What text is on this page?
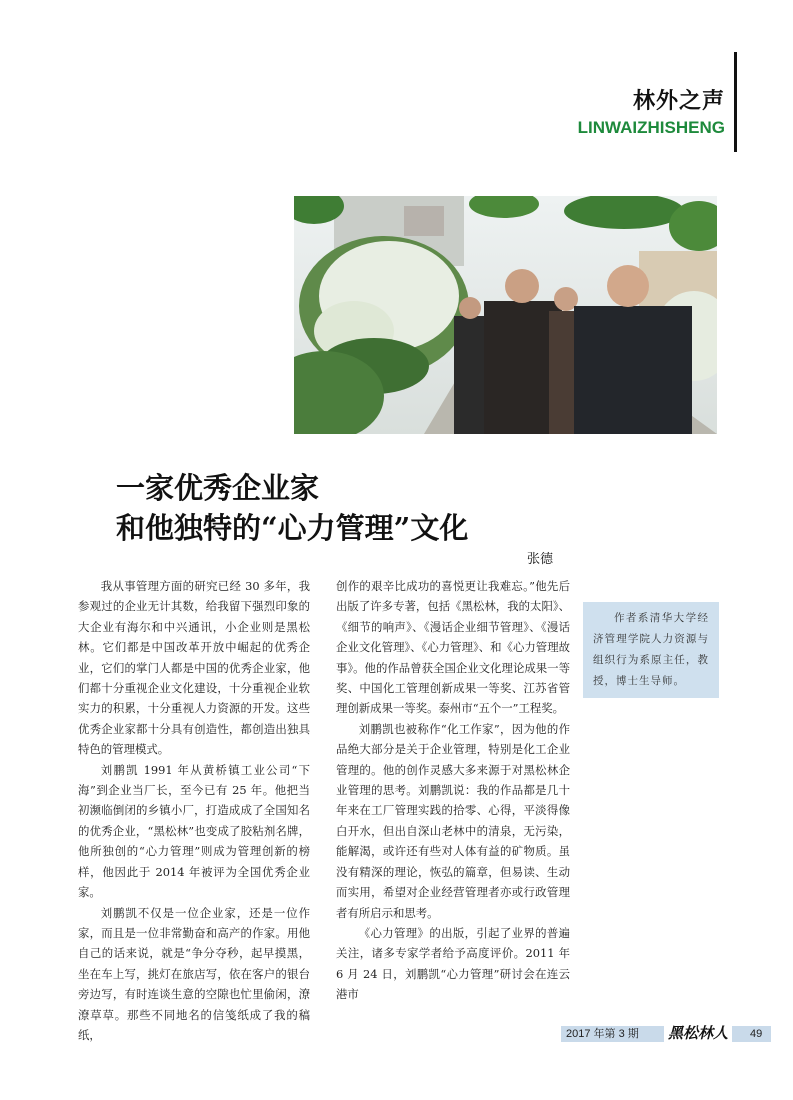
林外之声
LINWAIZHISHENG
一家优秀企业家
和他独特的“心力管理”文化
张德

我从事管理方面的研究已经 30 多年，我参观过的企业无计其数，给我留下强烈印象的大企业有海尔和中兴通讯，小企业则是黑松林。它们都是中国改革开放中崛起的优秀企业，它们的掌门人都是中国的优秀企业家，他们都十分重视企业文化建设，十分重视企业软实力的积累，十分重视人力资源的开发。这些优秀企业家都十分具有创造性，都创造出独具特色的管理模式。

刘鹏凯 1991 年从黄桥镇工业公司“下海”到企业当厂长，至今已有 25 年。他把当初濒临倒闭的乡镇小厂，打造成成了全国知名的优秀企业，“黑松林”也变成了胶粘剂名牌，他所独创的“心力管理”则成为管理创新的榜样，他因此于 2014 年被评为全国优秀企业家。

刘鹏凯不仅是一位企业家，还是一位作家，而且是一位非常勤奋和高产的作家。用他自己的话来说，就是“争分夺秒，起早摸黑，坐在车上写，挑灯在旅店写，依在客户的银台旁边写，有时连谈生意的空隙也忙里偷闲，潦潦草草。那些不同地名的信笺纸成了我的稿纸，

创作的艰辛比成功的喜悦更让我难忘。”他先后出版了许多专著，包括《黑松林，我的太阳》、《细节的响声》、《漫话企业细节管理》、《漫话企业文化管理》、《心力管理》、和《心力管理故事》。他的作品曾获全国企业文化理论成果一等奖、中国化工管理创新成果一等奖、江苏省管理创新成果一等奖。泰州市“五个一”工程奖。

刘鹏凯也被称作“化工作家”，因为他的作品绝大部分是关于企业管理，特别是化工企业管理的。他的创作灵感大多来源于对黑松林企业管理的思考。刘鹏凯说：我的作品都是几十年来在工厂管理实践的拾零、心得，平淡得像白开水，但出自深山老林中的清泉，无污染，能解渴，或许还有些对人体有益的矿物质。虽没有精深的理论，恢弘的篇章，但易读、生动而实用，希望对企业经营管理者亦或行政管理者有所启示和思考。

《心力管理》的出版，引起了业界的普遍关注，诸多专家学者给予高度评价。2011 年 6 月 24 日，刘鹏凯“心力管理”研讨会在连云港市

作者系清华大学经济管理学院人力资源与组织行为系原主任，教授，博士生导师。

2017 年第 3 期 黑松林人	49
